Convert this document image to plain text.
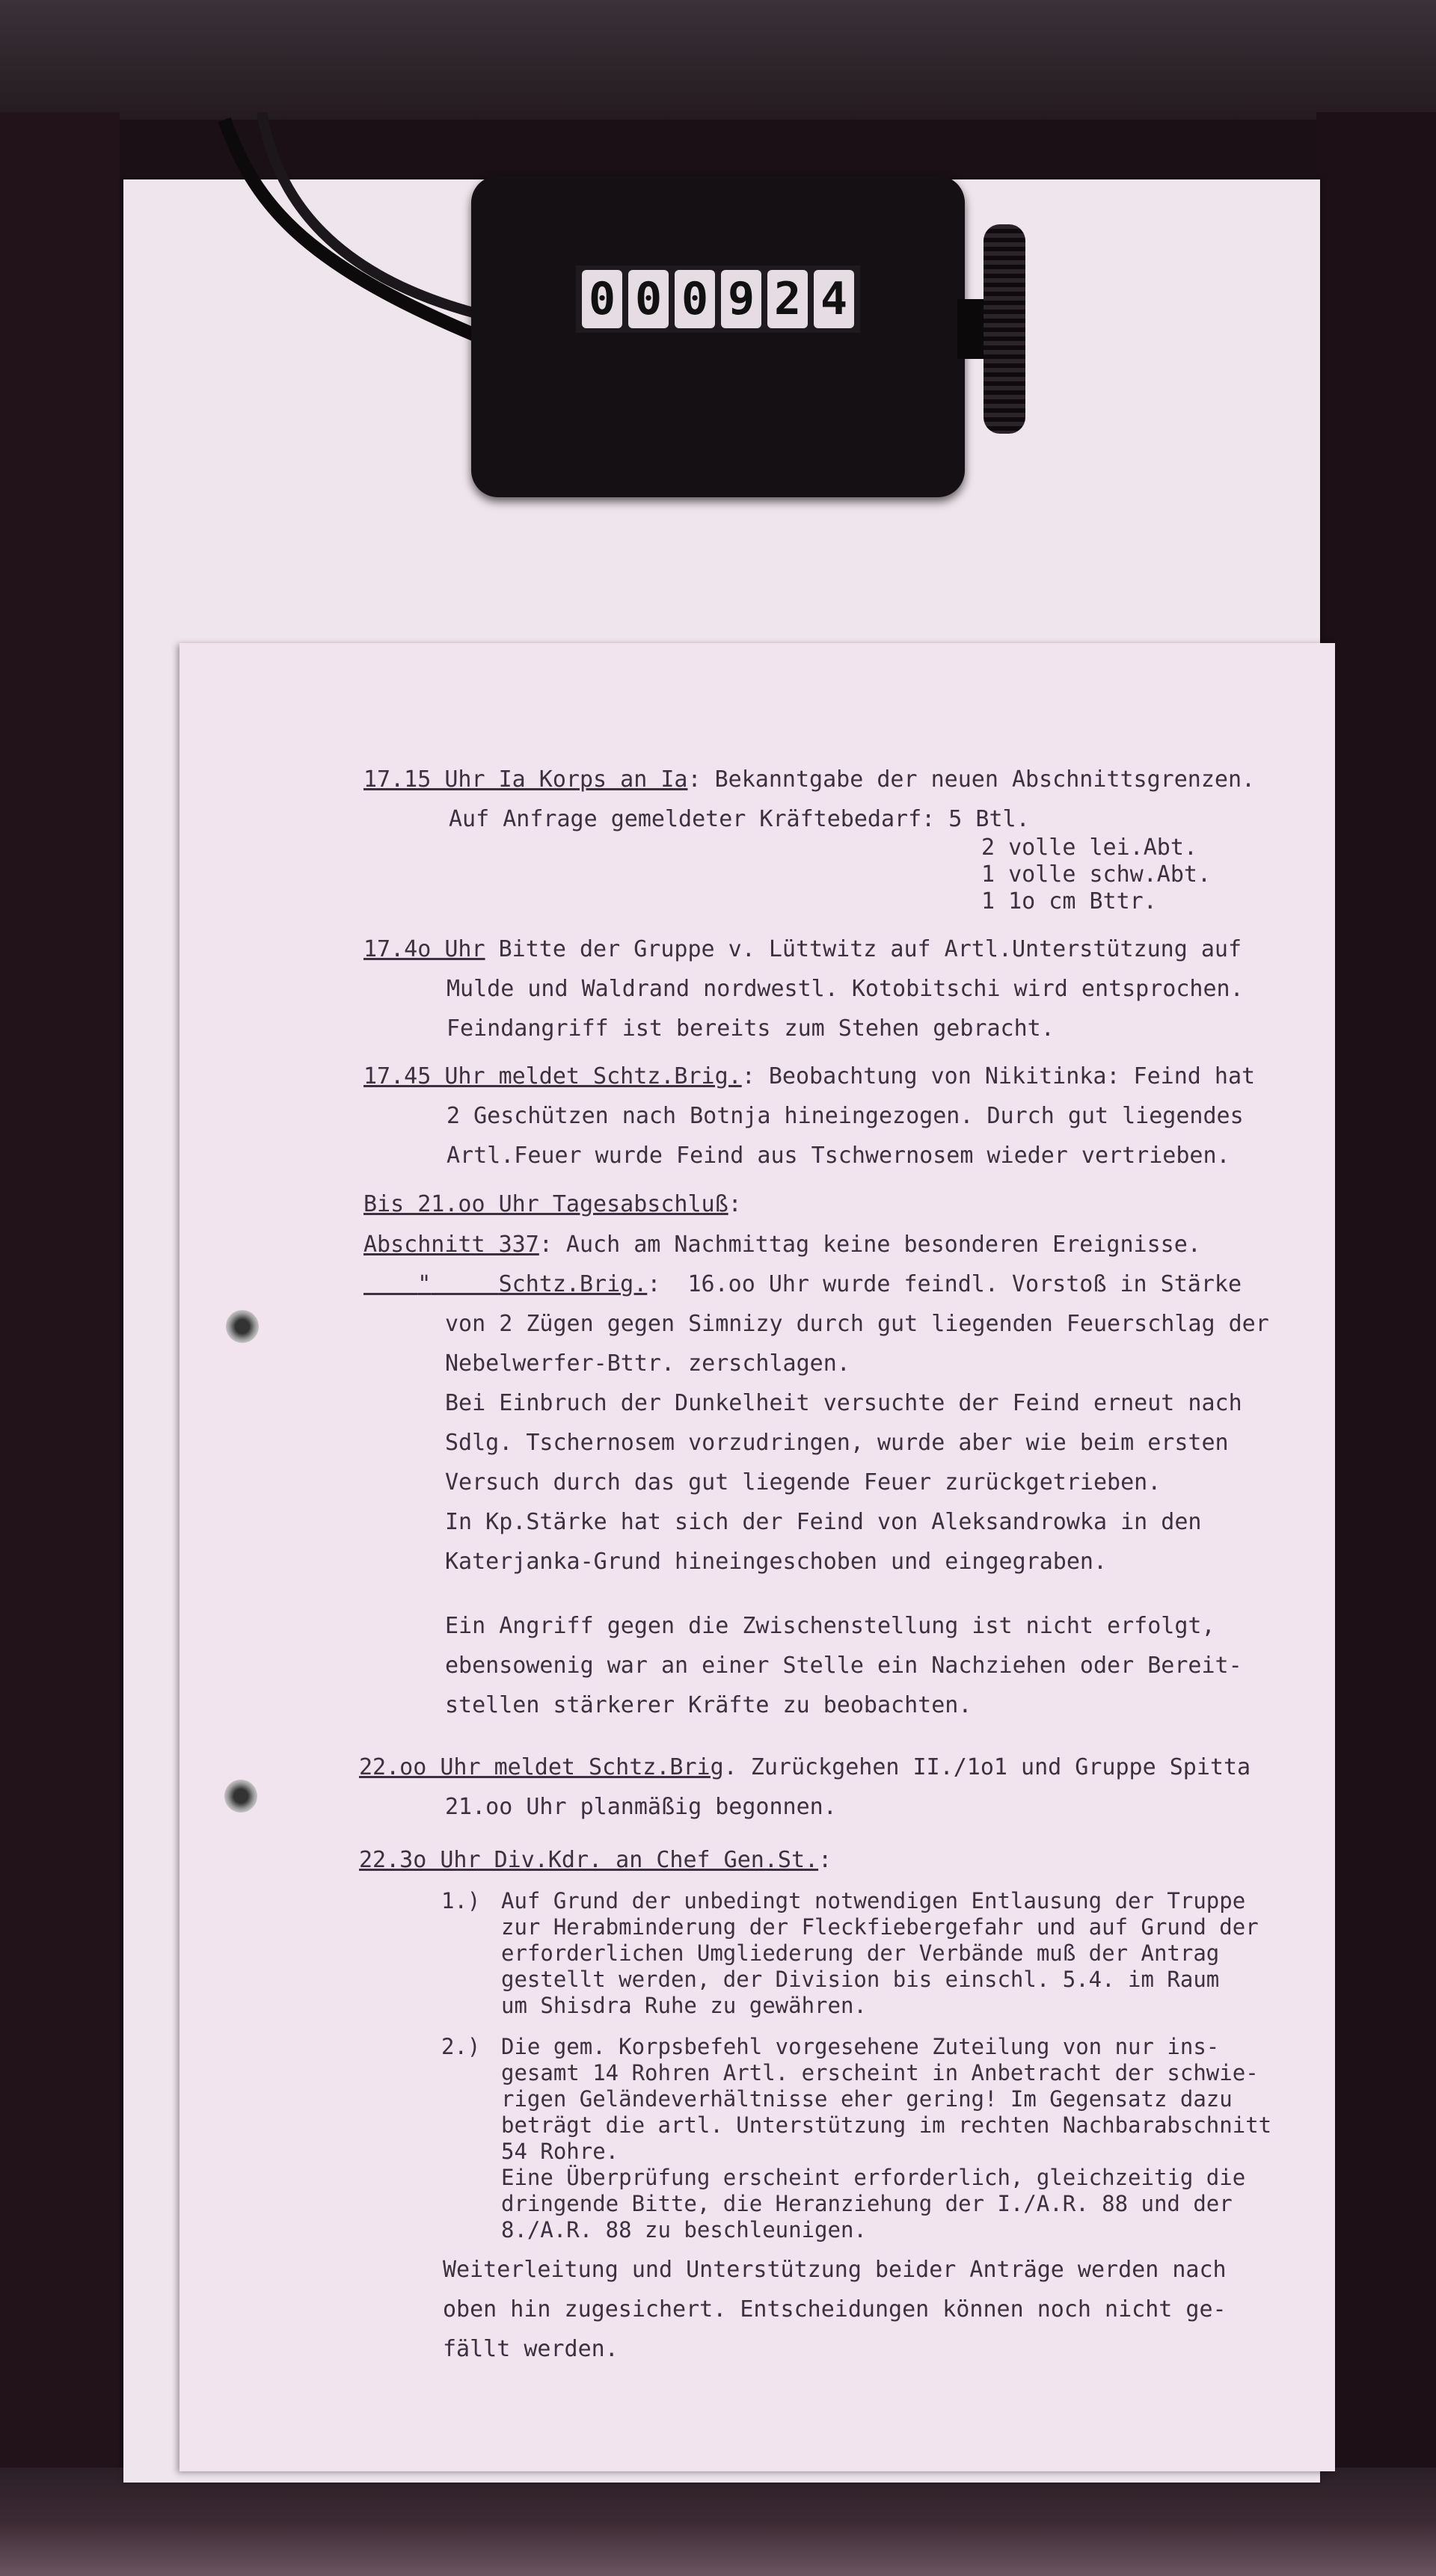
0 0 0 9 2 4
17.15 Uhr Ia Korps an Ia: Bekanntgabe der neuen Abschnittsgrenzen.
Auf Anfrage gemeldeter Kräftebedarf: 5 Btl.
2 volle lei.Abt.
1 volle schw.Abt.
1 1o cm Bttr.
17.4o Uhr Bitte der Gruppe v. Lüttwitz auf Artl.Unterstützung auf
Mulde und Waldrand nordwestl. Kotobitschi wird entsprochen.
Feindangriff ist bereits zum Stehen gebracht.
17.45 Uhr meldet Schtz.Brig.: Beobachtung von Nikitinka: Feind hat
2 Geschützen nach Botnja hineingezogen. Durch gut liegendes
Artl.Feuer wurde Feind aus Tschwernosem wieder vertrieben.
Bis 21.oo Uhr Tagesabschluß:
Abschnitt 337: Auch am Nachmittag keine besonderen Ereignisse.
"	Schtz.Brig.:  16.oo Uhr wurde feindl. Vorstoß in Stärke
von 2 Zügen gegen Simnizy durch gut liegenden Feuerschlag der
Nebelwerfer-Bttr. zerschlagen.
Bei Einbruch der Dunkelheit versuchte der Feind erneut nach
Sdlg. Tschernosem vorzudringen, wurde aber wie beim ersten
Versuch durch das gut liegende Feuer zurückgetrieben.
In Kp.Stärke hat sich der Feind von Aleksandrowka in den
Katerjanka-Grund hineingeschoben und eingegraben.
Ein Angriff gegen die Zwischenstellung ist nicht erfolgt,
ebensowenig war an einer Stelle ein Nachziehen oder Bereit-
stellen stärkerer Kräfte zu beobachten.
22.oo Uhr meldet Schtz.Brig. Zurückgehen II./1o1 und Gruppe Spitta
21.oo Uhr planmäßig begonnen.
22.3o Uhr Div.Kdr. an Chef Gen.St.:
1.) Auf Grund der unbedingt notwendigen Entlausung der Truppe
zur Herabminderung der Fleckfiebergefahr und auf Grund der
erforderlichen Umgliederung der Verbände muß der Antrag
gestellt werden, der Division bis einschl. 5.4. im Raum
um Shisdra Ruhe zu gewähren.
2.) Die gem. Korpsbefehl vorgesehene Zuteilung von nur ins-
gesamt 14 Rohren Artl. erscheint in Anbetracht der schwie-
rigen Geländeverhältnisse eher gering! Im Gegensatz dazu
beträgt die artl. Unterstützung im rechten Nachbarabschnitt
54 Rohre.
Eine Überprüfung erscheint erforderlich, gleichzeitig die
dringende Bitte, die Heranziehung der I./A.R. 88 und der
8./A.R. 88 zu beschleunigen.
Weiterleitung und Unterstützung beider Anträge werden nach
oben hin zugesichert. Entscheidungen können noch nicht ge-
fällt werden.
